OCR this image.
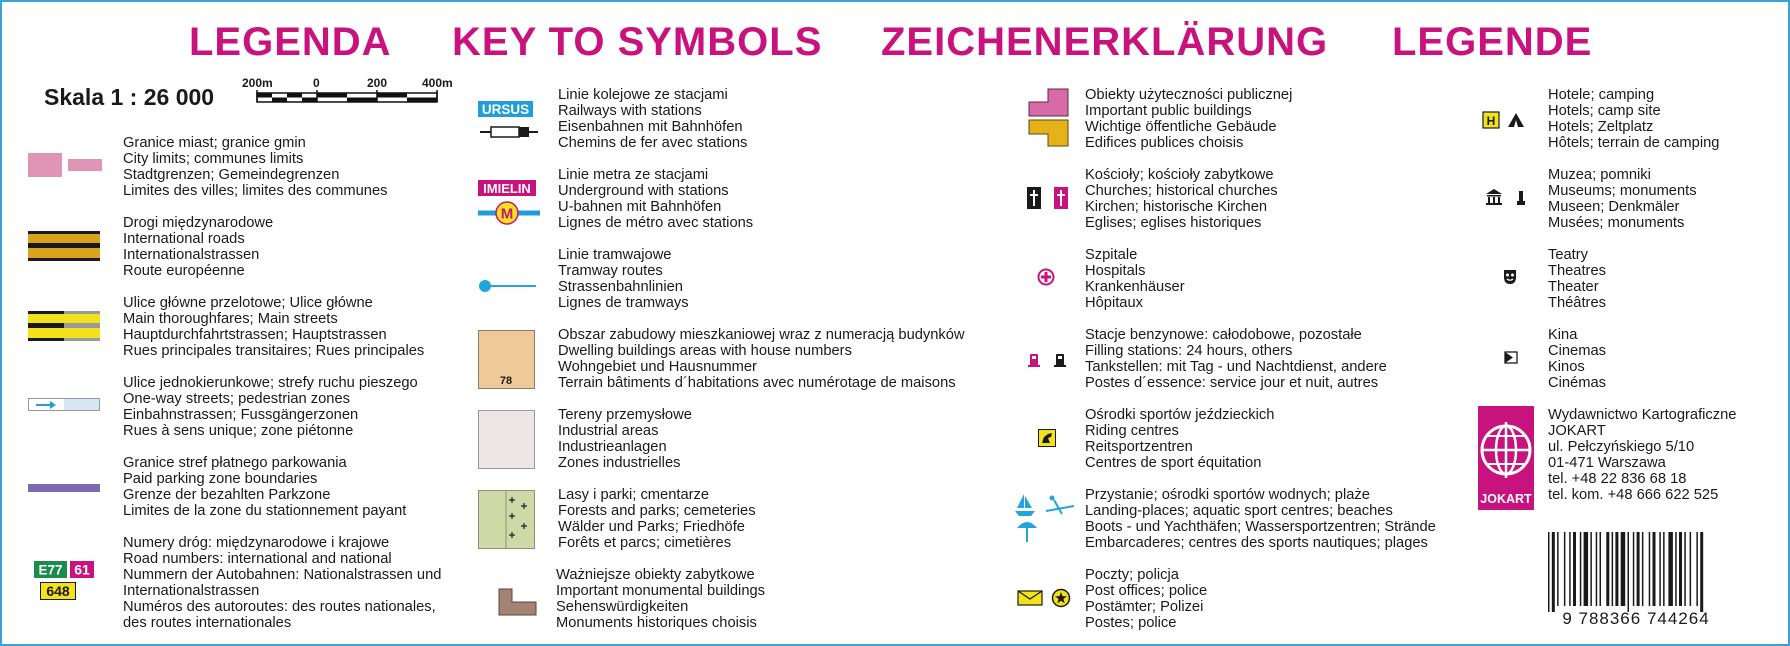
LEGENDA KEY TO SYMBOLS ZEICHENERKLÄRUNG LEGENDE
Skala 1 : 26 000
200m	0	200	400m
Granice miast; granice gmin
City limits; communes limits
Stadtgrenzen; Gemeindegrenzen
Limites des villes; limites des communes
Drogi międzynarodowe
International roads
Internationalstrassen
Route européenne
Ulice główne przelotowe; Ulice główne
Main thoroughfares; Main streets
Hauptdurchfahrtstrassen; Hauptstrassen
Rues principales transitaires; Rues principales
Ulice jednokierunkowe; strefy ruchu pieszego
One-way streets; pedestrian zones
Einbahnstrassen; Fussgängerzonen
Rues à sens unique; zone piétonne
Granice stref płatnego parkowania
Paid parking zone boundaries
Grenze der bezahlten Parkzone
Limites de la zone du stationnement payant
E77 61
648
Numery dróg: międzynarodowe i krajowe
Road numbers: international and national
Nummern der Autobahnen: Nationalstrassen und
Internationalstrassen
Numéros des autoroutes: des routes nationales,
des routes internationales
URSUS
Linie kolejowe ze stacjami
Railways with stations
Eisenbahnen mit Bahnhöfen
Chemins de fer avec stations
IMIELIN
M
Linie metra ze stacjami
Underground with stations
U-bahnen mit Bahnhöfen
Lignes de métro avec stations
Linie tramwajowe
Tramway routes
Strassenbahnlinien
Lignes de tramways
78
Obszar zabudowy mieszkaniowej wraz z numeracją budynków
Dwelling buildings areas with house numbers
Wohngebiet und Hausnummer
Terrain bâtiments d´habitations avec numérotage de maisons
Tereny przemysłowe
Industrial areas
Industrieanlagen
Zones industrielles
Lasy i parki; cmentarze
Forests and parks; cemeteries
Wälder und Parks; Friedhöfe
Forêts et parcs; cimetières
Ważniejsze obiekty zabytkowe
Important monumental buildings
Sehenswürdigkeiten
Monuments historiques choisis
Obiekty użyteczności publicznej
Important public buildings
Wichtige öffentliche Gebäude
Edifices publices choisis
Kościoły; kościoły zabytkowe
Churches; historical churches
Kirchen; historische Kirchen
Eglises; eglises historiques
Szpitale
Hospitals
Krankenhäuser
Hôpitaux
Stacje benzynowe: całodobowe, pozostałe
Filling stations: 24 hours, others
Tankstellen: mit Tag - und Nachtdienst, andere
Postes d´essence: service jour et nuit, autres
Ośrodki sportów jeździeckich
Riding centres
Reitsportzentren
Centres de sport équitation
Przystanie; ośrodki sportów wodnych; plaże
Landing-places; aquatic sport centres; beaches
Boots - und Yachthäfen; Wassersportzentren; Strände
Embarcaderes; centres des sports nautiques; plages
Poczty; policja
Post offices; police
Postämter; Polizei
Postes; police
H
Hotele; camping
Hotels; camp site
Hotels; Zeltplatz
Hôtels; terrain de camping
Muzea; pomniki
Museums; monuments
Museen; Denkmäler
Musées; monuments
Teatry
Theatres
Theater
Théâtres
Kina
Cinemas
Kinos
Cinémas
JOKART
Wydawnictwo Kartograficzne
JOKART
ul. Pełczyńskiego 5/10
01-471 Warszawa
tel. +48 22 836 68 18
tel. kom. +48 666 622 525
9 788366 744264
